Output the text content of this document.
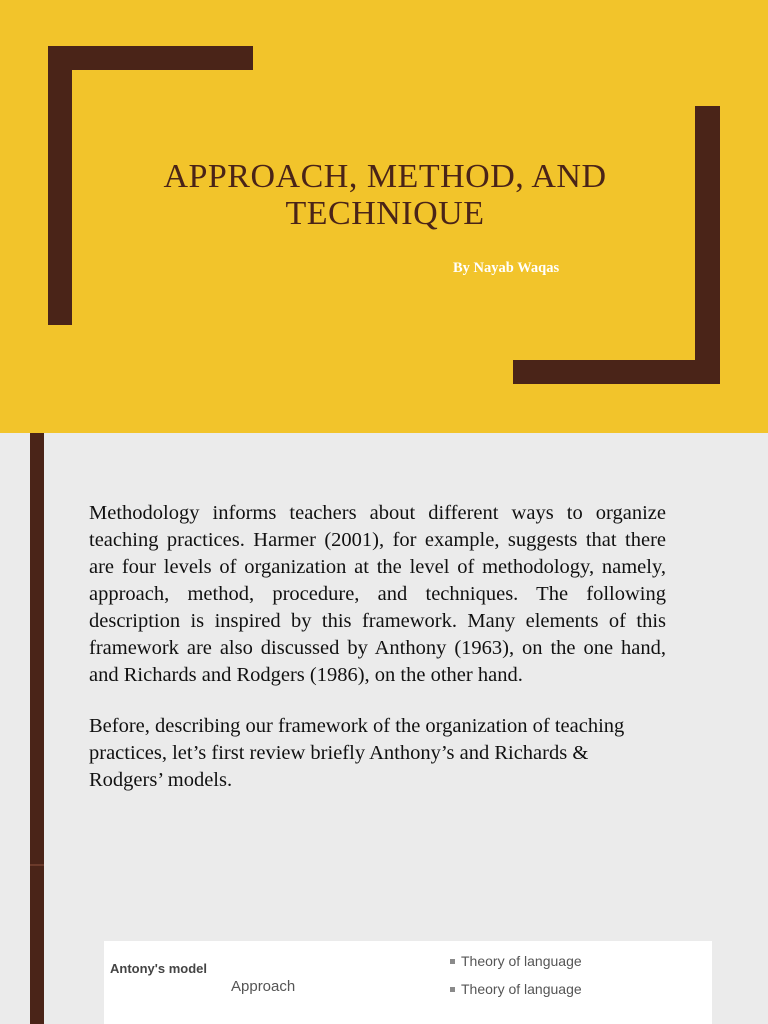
APPROACH, METHOD, AND
TECHNIQUE
By Nayab Waqas

Methodology informs teachers about different ways to organize teaching practices. Harmer (2001), for example, suggests that there are four levels of organization at the level of methodology, namely, approach, method, procedure, and techniques. The following description is inspired by this framework. Many elements of this framework are also discussed by Anthony (1963), on the one hand, and Richards and Rodgers (1986), on the other hand.

Before, describing our framework of the organization of teaching practices, let’s first review briefly Anthony’s and Richards & Rodgers’ models.

Antony's model
Approach
Theory of language
Theory of language
